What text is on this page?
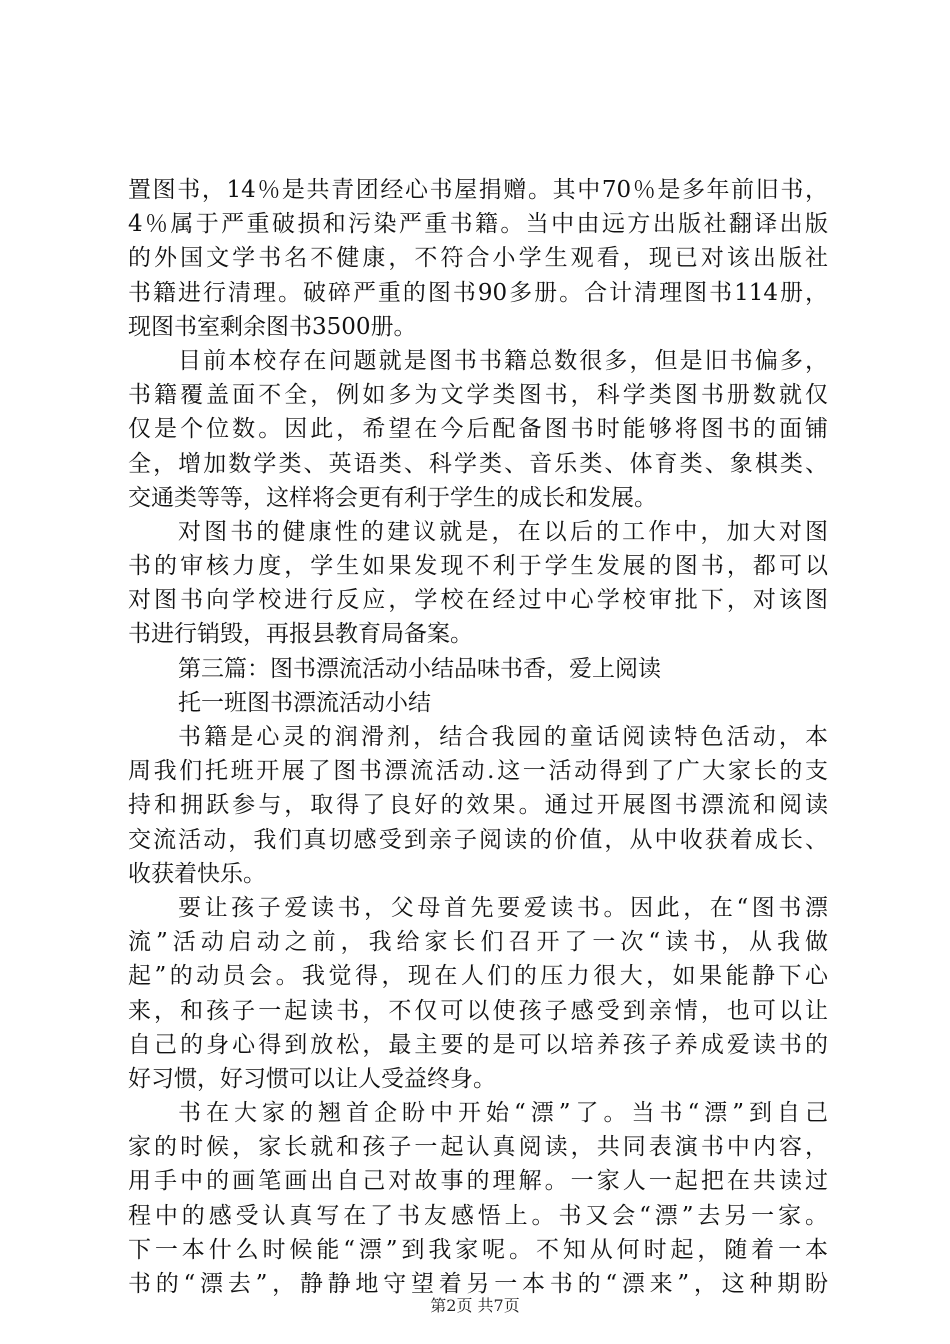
置图书，14％是共青团经心书屋捐赠。其中70％是多年前旧书，
4％属于严重破损和污染严重书籍。当中由远方出版社翻译出版
的外国文学书名不健康，不符合小学生观看，现已对该出版社
书籍进行清理。破碎严重的图书90多册。合计清理图书114册，
现图书室剩余图书3500册。
目前本校存在问题就是图书书籍总数很多，但是旧书偏多，
书籍覆盖面不全，例如多为文学类图书，科学类图书册数就仅
仅是个位数。因此，希望在今后配备图书时能够将图书的面铺
全，增加数学类、英语类、科学类、音乐类、体育类、象棋类、
交通类等等，这样将会更有利于学生的成长和发展。
对图书的健康性的建议就是，在以后的工作中，加大对图
书的审核力度，学生如果发现不利于学生发展的图书，都可以
对图书向学校进行反应，学校在经过中心学校审批下，对该图
书进行销毁，再报县教育局备案。
第三篇：图书漂流活动小结品味书香，爱上阅读
托一班图书漂流活动小结
书籍是心灵的润滑剂，结合我园的童话阅读特色活动，本
周我们托班开展了图书漂流活动.这一活动得到了广大家长的支
持和拥跃参与，取得了良好的效果。通过开展图书漂流和阅读
交流活动，我们真切感受到亲子阅读的价值，从中收获着成长、
收获着快乐。
要让孩子爱读书，父母首先要爱读书。因此，在“图书漂
流”活动启动之前，我给家长们召开了一次“读书，从我做
起”的动员会。我觉得，现在人们的压力很大，如果能静下心
来，和孩子一起读书，不仅可以使孩子感受到亲情，也可以让
自己的身心得到放松，最主要的是可以培养孩子养成爱读书的
好习惯，好习惯可以让人受益终身。
书在大家的翘首企盼中开始“漂”了。当书“漂”到自己
家的时候，家长就和孩子一起认真阅读，共同表演书中内容，
用手中的画笔画出自己对故事的理解。一家人一起把在共读过
程中的感受认真写在了书友感悟上。书又会“漂”去另一家。
下一本什么时候能“漂”到我家呢。不知从何时起，随着一本
书的“漂去”，静静地守望着另一本书的“漂来”，这种期盼
第2页 共7页
